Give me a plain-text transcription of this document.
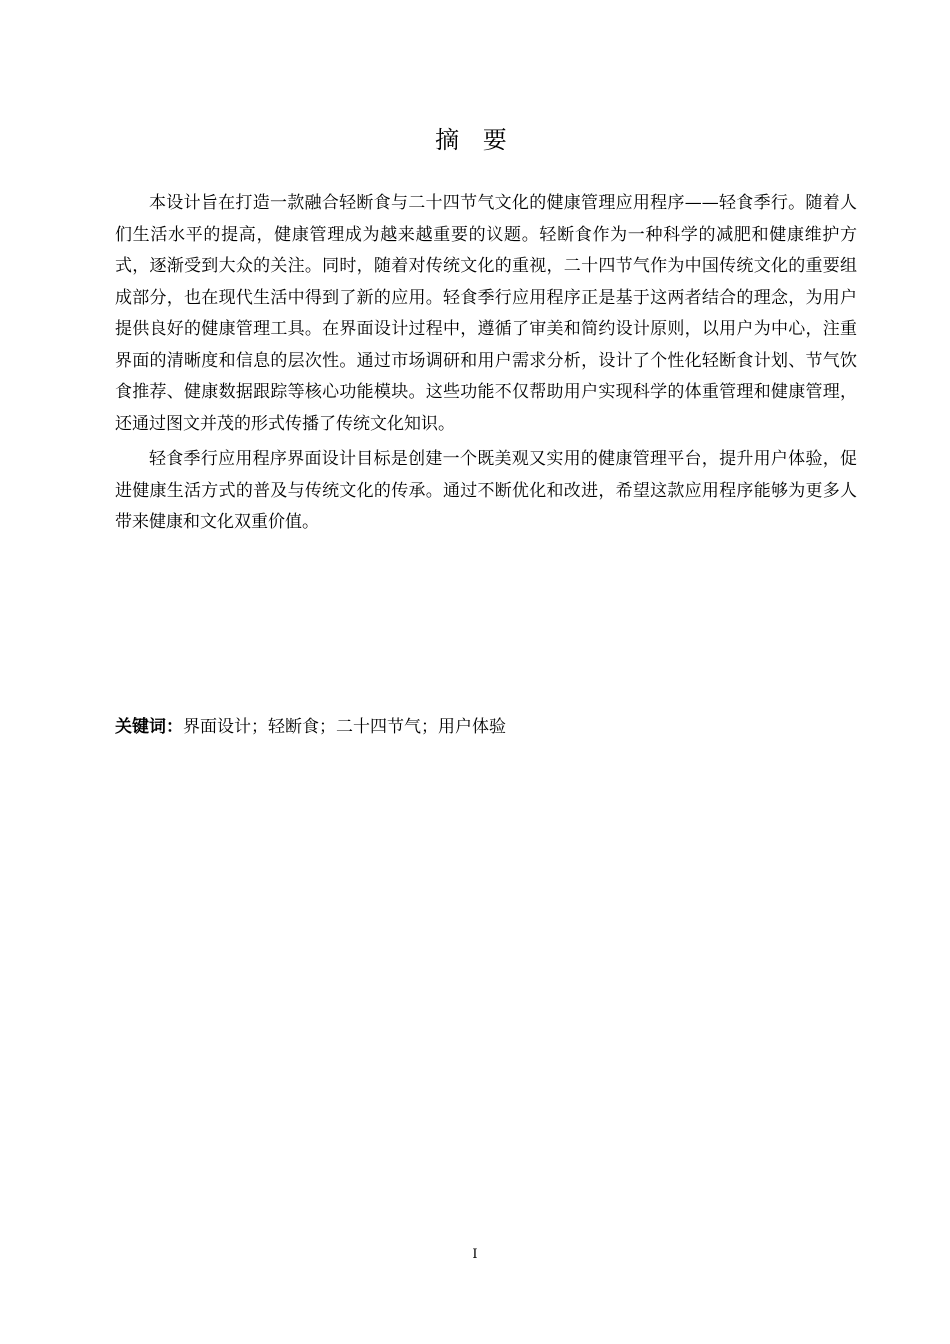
摘 要

本设计旨在打造一款融合轻断食与二十四节气文化的健康管理应用程序——轻食季行。随着人们生活水平的提高，健康管理成为越来越重要的议题。轻断食作为一种科学的减肥和健康维护方式，逐渐受到大众的关注。同时，随着对传统文化的重视，二十四节气作为中国传统文化的重要组成部分，也在现代生活中得到了新的应用。轻食季行应用程序正是基于这两者结合的理念，为用户提供良好的健康管理工具。在界面设计过程中，遵循了审美和简约设计原则，以用户为中心，注重界面的清晰度和信息的层次性。通过市场调研和用户需求分析，设计了个性化轻断食计划、节气饮食推荐、健康数据跟踪等核心功能模块。这些功能不仅帮助用户实现科学的体重管理和健康管理，还通过图文并茂的形式传播了传统文化知识。

轻食季行应用程序界面设计目标是创建一个既美观又实用的健康管理平台，提升用户体验，促进健康生活方式的普及与传统文化的传承。通过不断优化和改进，希望这款应用程序能够为更多人带来健康和文化双重价值。

关键词：界面设计；轻断食；二十四节气；用户体验
I
